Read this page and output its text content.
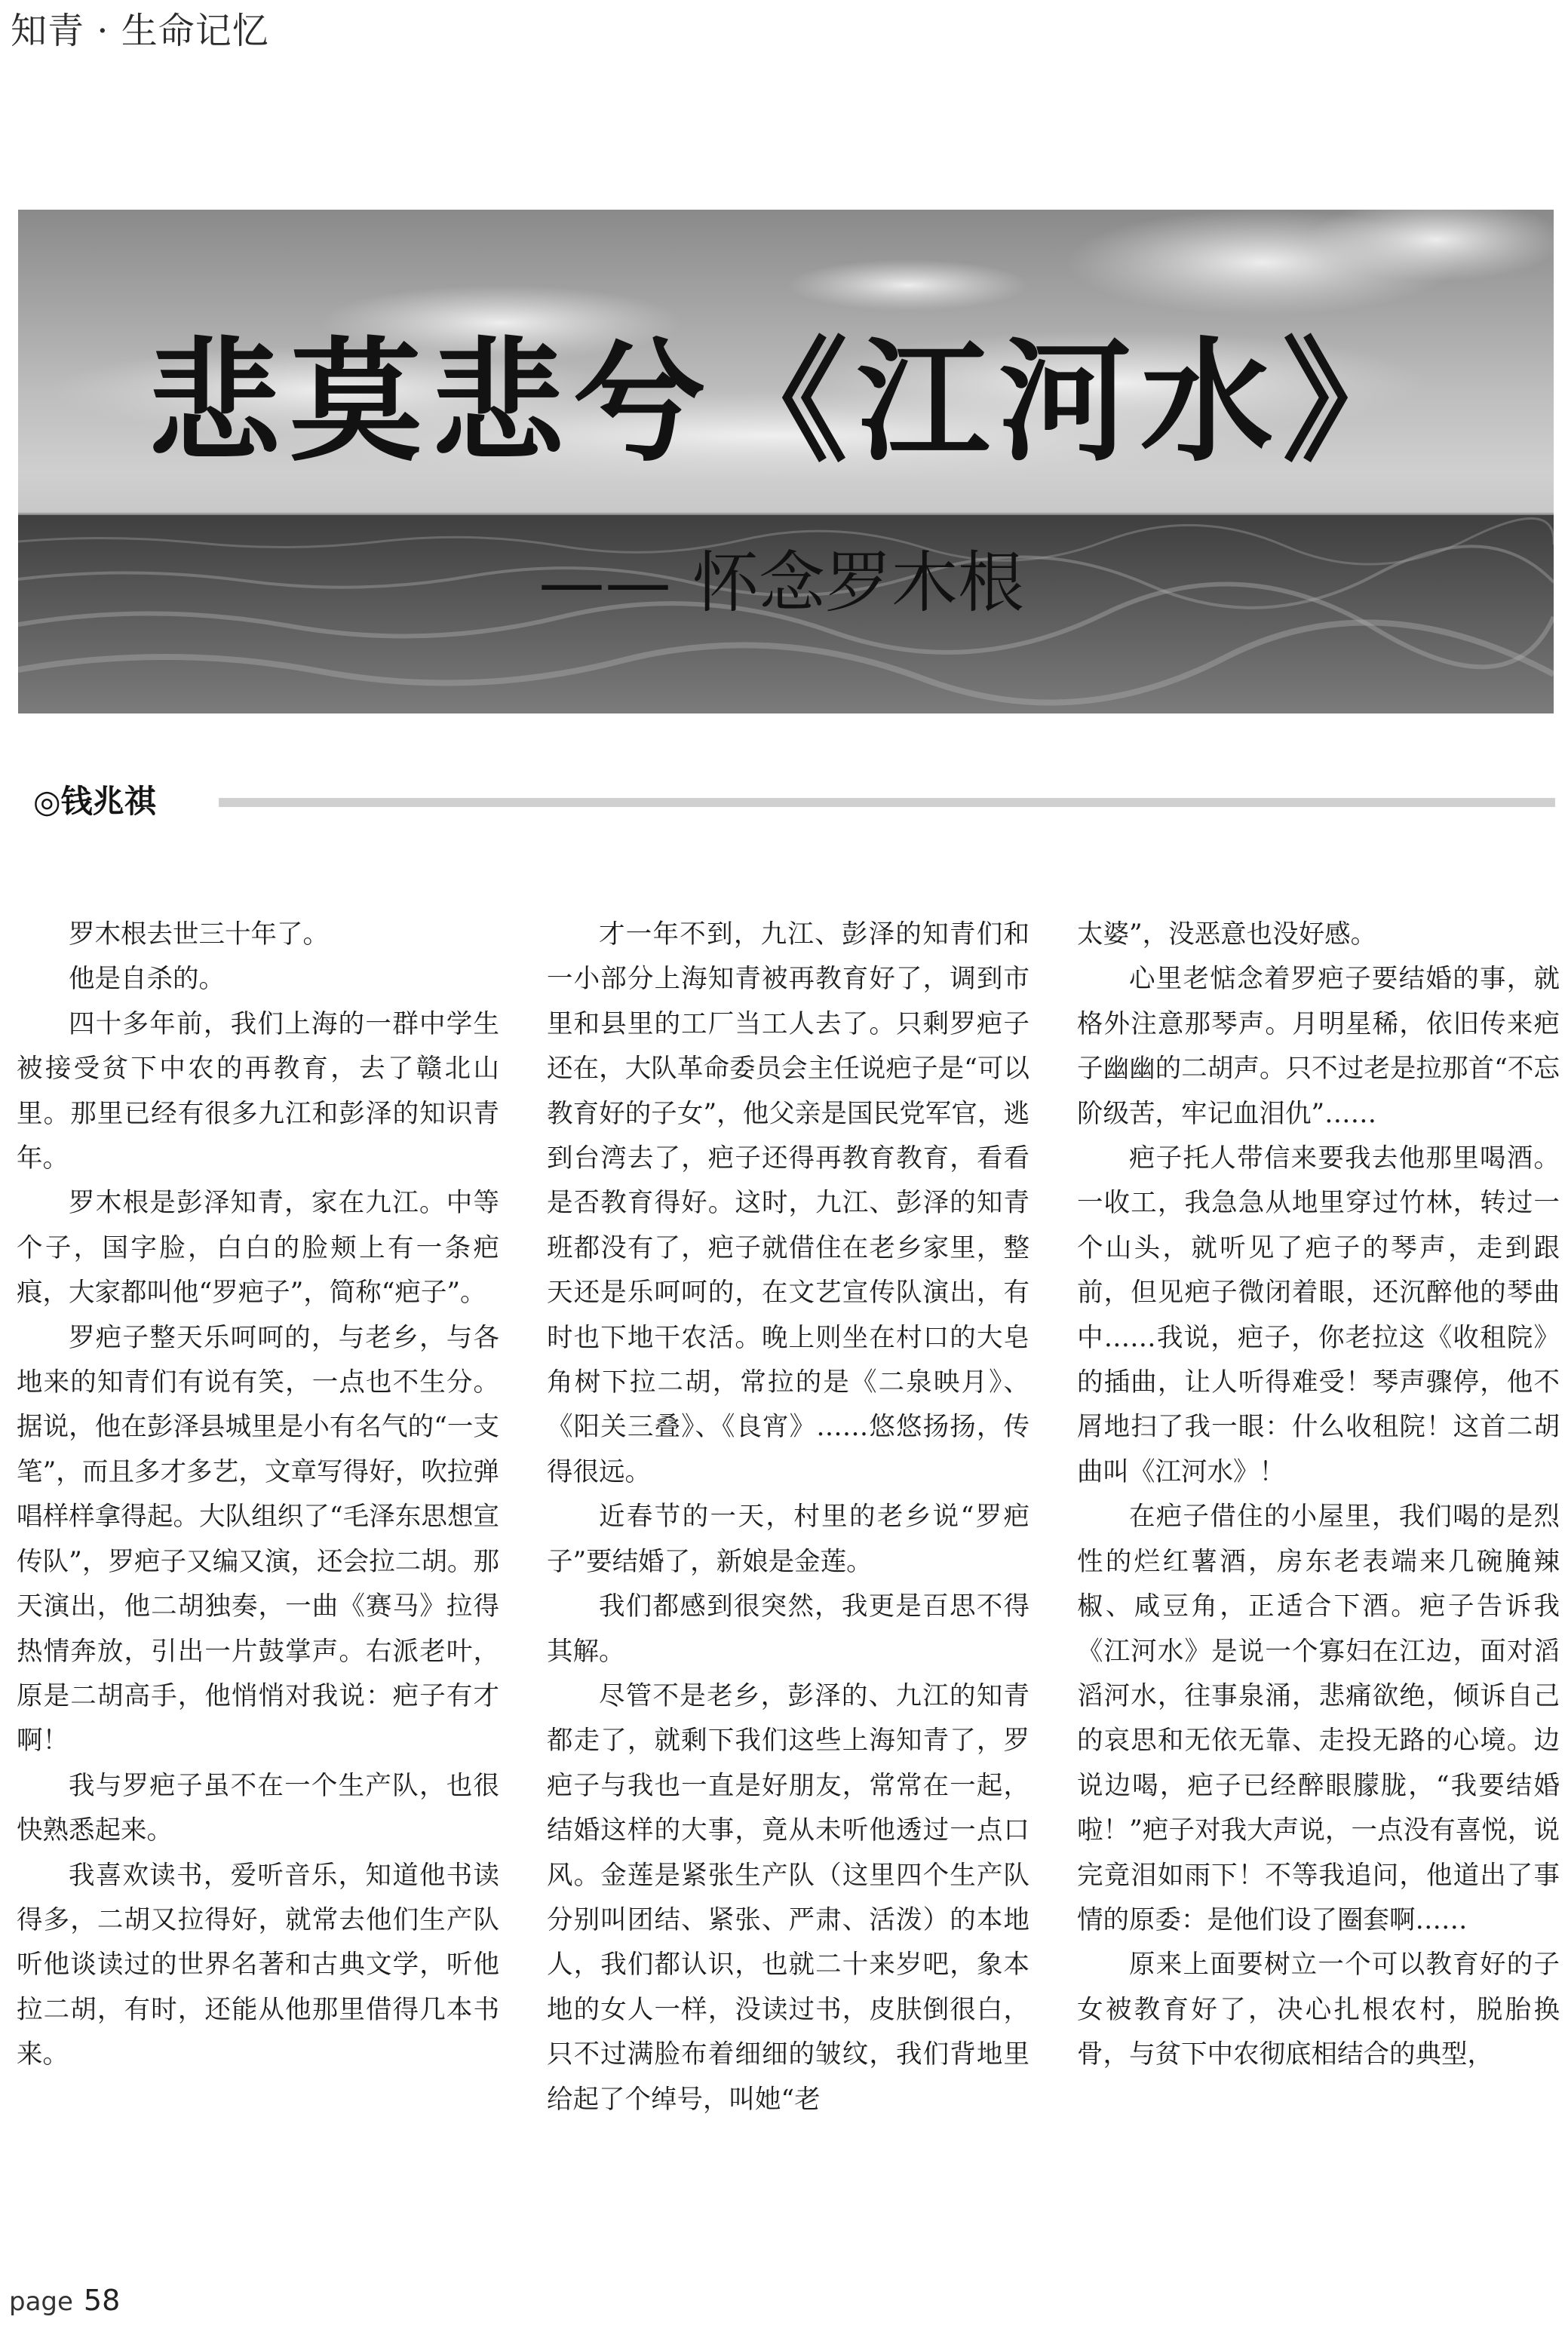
知青 · 生命记忆
悲莫悲兮《江河水》
—— 怀念罗木根
◎钱兆祺

罗木根去世三十年了。

他是自杀的。

四十多年前，我们上海的一群中学生被接受贫下中农的再教育，去了赣北山里。那里已经有很多九江和彭泽的知识青年。

罗木根是彭泽知青，家在九江。中等个子，国字脸，白白的脸颊上有一条疤痕，大家都叫他“罗疤子”，简称“疤子”。

罗疤子整天乐呵呵的，与老乡，与各地来的知青们有说有笑，一点也不生分。据说，他在彭泽县城里是小有名气的“一支笔”，而且多才多艺，文章写得好，吹拉弹唱样样拿得起。大队组织了“毛泽东思想宣传队”，罗疤子又编又演，还会拉二胡。那天演出，他二胡独奏，一曲《赛马》拉得热情奔放，引出一片鼓掌声。右派老叶，原是二胡高手，他悄悄对我说：疤子有才啊！

我与罗疤子虽不在一个生产队，也很快熟悉起来。

我喜欢读书，爱听音乐，知道他书读得多，二胡又拉得好，就常去他们生产队听他谈读过的世界名著和古典文学，听他拉二胡，有时，还能从他那里借得几本书来。

才一年不到，九江、彭泽的知青们和一小部分上海知青被再教育好了，调到市里和县里的工厂当工人去了。只剩罗疤子还在，大队革命委员会主任说疤子是“可以教育好的子女”，他父亲是国民党军官，逃到台湾去了，疤子还得再教育教育，看看是否教育得好。这时，九江、彭泽的知青班都没有了，疤子就借住在老乡家里，整天还是乐呵呵的，在文艺宣传队演出，有时也下地干农活。晚上则坐在村口的大皂角树下拉二胡，常拉的是《二泉映月》、《阳关三叠》、《良宵》……悠悠扬扬，传得很远。

近春节的一天，村里的老乡说“罗疤子”要结婚了，新娘是金莲。

我们都感到很突然，我更是百思不得其解。

尽管不是老乡，彭泽的、九江的知青都走了，就剩下我们这些上海知青了，罗疤子与我也一直是好朋友，常常在一起，结婚这样的大事，竟从未听他透过一点口风。金莲是紧张生产队（这里四个生产队分别叫团结、紧张、严肃、活泼）的本地人，我们都认识，也就二十来岁吧，象本地的女人一样，没读过书，皮肤倒很白，只不过满脸布着细细的皱纹，我们背地里给起了个绰号，叫她“老

太婆”，没恶意也没好感。

心里老惦念着罗疤子要结婚的事，就格外注意那琴声。月明星稀，依旧传来疤子幽幽的二胡声。只不过老是拉那首“不忘阶级苦，牢记血泪仇”……

疤子托人带信来要我去他那里喝酒。一收工，我急急从地里穿过竹林，转过一个山头，就听见了疤子的琴声，走到跟前，但见疤子微闭着眼，还沉醉他的琴曲中……我说，疤子，你老拉这《收租院》的插曲，让人听得难受！琴声骤停，他不屑地扫了我一眼：什么收租院！这首二胡曲叫《江河水》！

在疤子借住的小屋里，我们喝的是烈性的烂红薯酒，房东老表端来几碗腌辣椒、咸豆角，正适合下酒。疤子告诉我《江河水》是说一个寡妇在江边，面对滔滔河水，往事泉涌，悲痛欲绝，倾诉自己的哀思和无依无靠、走投无路的心境。边说边喝，疤子已经醉眼朦胧，“我要结婚啦！”疤子对我大声说，一点没有喜悦，说完竟泪如雨下！不等我追问，他道出了事情的原委：是他们设了圈套啊……

原来上面要树立一个可以教育好的子女被教育好了，决心扎根农村，脱胎换骨，与贫下中农彻底相结合的典型，

page 58
